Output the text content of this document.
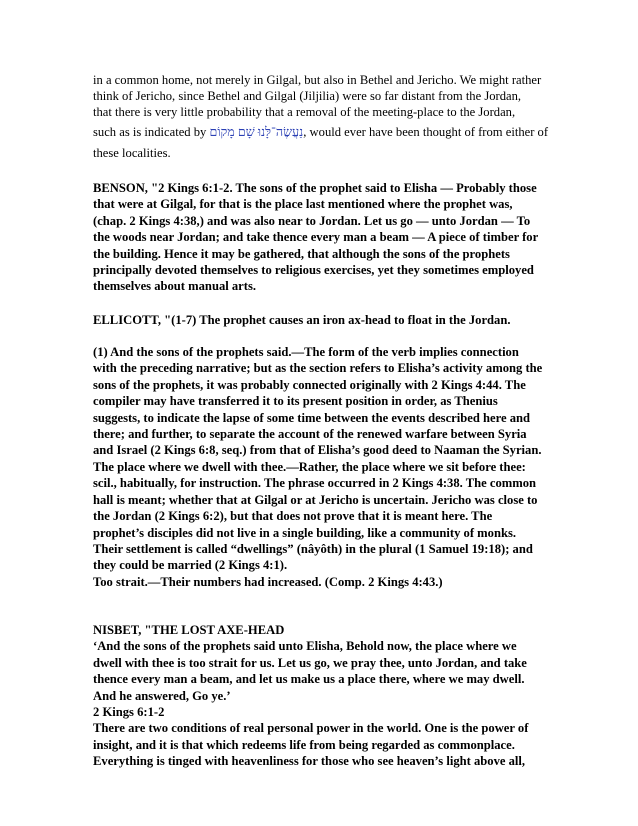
in a common home, not merely in Gilgal, but also in Bethel and Jericho. We might rather
think of Jericho, since Bethel and Gilgal (Jiljilia) were so far distant from the Jordan,
that there is very little probability that a removal of the meeting-place to the Jordan,
such as is indicated by נַעֲשֶׂה־לָּנוּ שָׁם מָקוֹם, would ever have been thought of from either of
these localities.
BENSON, "2 Kings 6:1-2. The sons of the prophet said to Elisha — Probably those
that were at Gilgal, for that is the place last mentioned where the prophet was,
(chap. 2 Kings 4:38,) and was also near to Jordan. Let us go — unto Jordan — To
the woods near Jordan; and take thence every man a beam — A piece of timber for
the building. Hence it may be gathered, that although the sons of the prophets
principally devoted themselves to religious exercises, yet they sometimes employed
themselves about manual arts.
ELLICOTT, "(1-7) The prophet causes an iron ax-head to float in the Jordan.
(1) And the sons of the prophets said.—The form of the verb implies connection
with the preceding narrative; but as the section refers to Elisha’s activity among the
sons of the prophets, it was probably connected originally with 2 Kings 4:44. The
compiler may have transferred it to its present position in order, as Thenius
suggests, to indicate the lapse of some time between the events described here and
there; and further, to separate the account of the renewed warfare between Syria
and Israel (2 Kings 6:8, seq.) from that of Elisha’s good deed to Naaman the Syrian.
The place where we dwell with thee.—Rather, the place where we sit before thee:
scil., habitually, for instruction. The phrase occurred in 2 Kings 4:38. The common
hall is meant; whether that at Gilgal or at Jericho is uncertain. Jericho was close to
the Jordan (2 Kings 6:2), but that does not prove that it is meant here. The
prophet’s disciples did not live in a single building, like a community of monks.
Their settlement is called “dwellings” (nâyôth) in the plural (1 Samuel 19:18); and
they could be married (2 Kings 4:1).
Too strait.—Their numbers had increased. (Comp. 2 Kings 4:43.)
NISBET, "THE LOST AXE-HEAD
‘And the sons of the prophets said unto Elisha, Behold now, the place where we
dwell with thee is too strait for us. Let us go, we pray thee, unto Jordan, and take
thence every man a beam, and let us make us a place there, where we may dwell.
And he answered, Go ye.’
2 Kings 6:1-2
There are two conditions of real personal power in the world. One is the power of
insight, and it is that which redeems life from being regarded as commonplace.
Everything is tinged with heavenliness for those who see heaven’s light above all,
